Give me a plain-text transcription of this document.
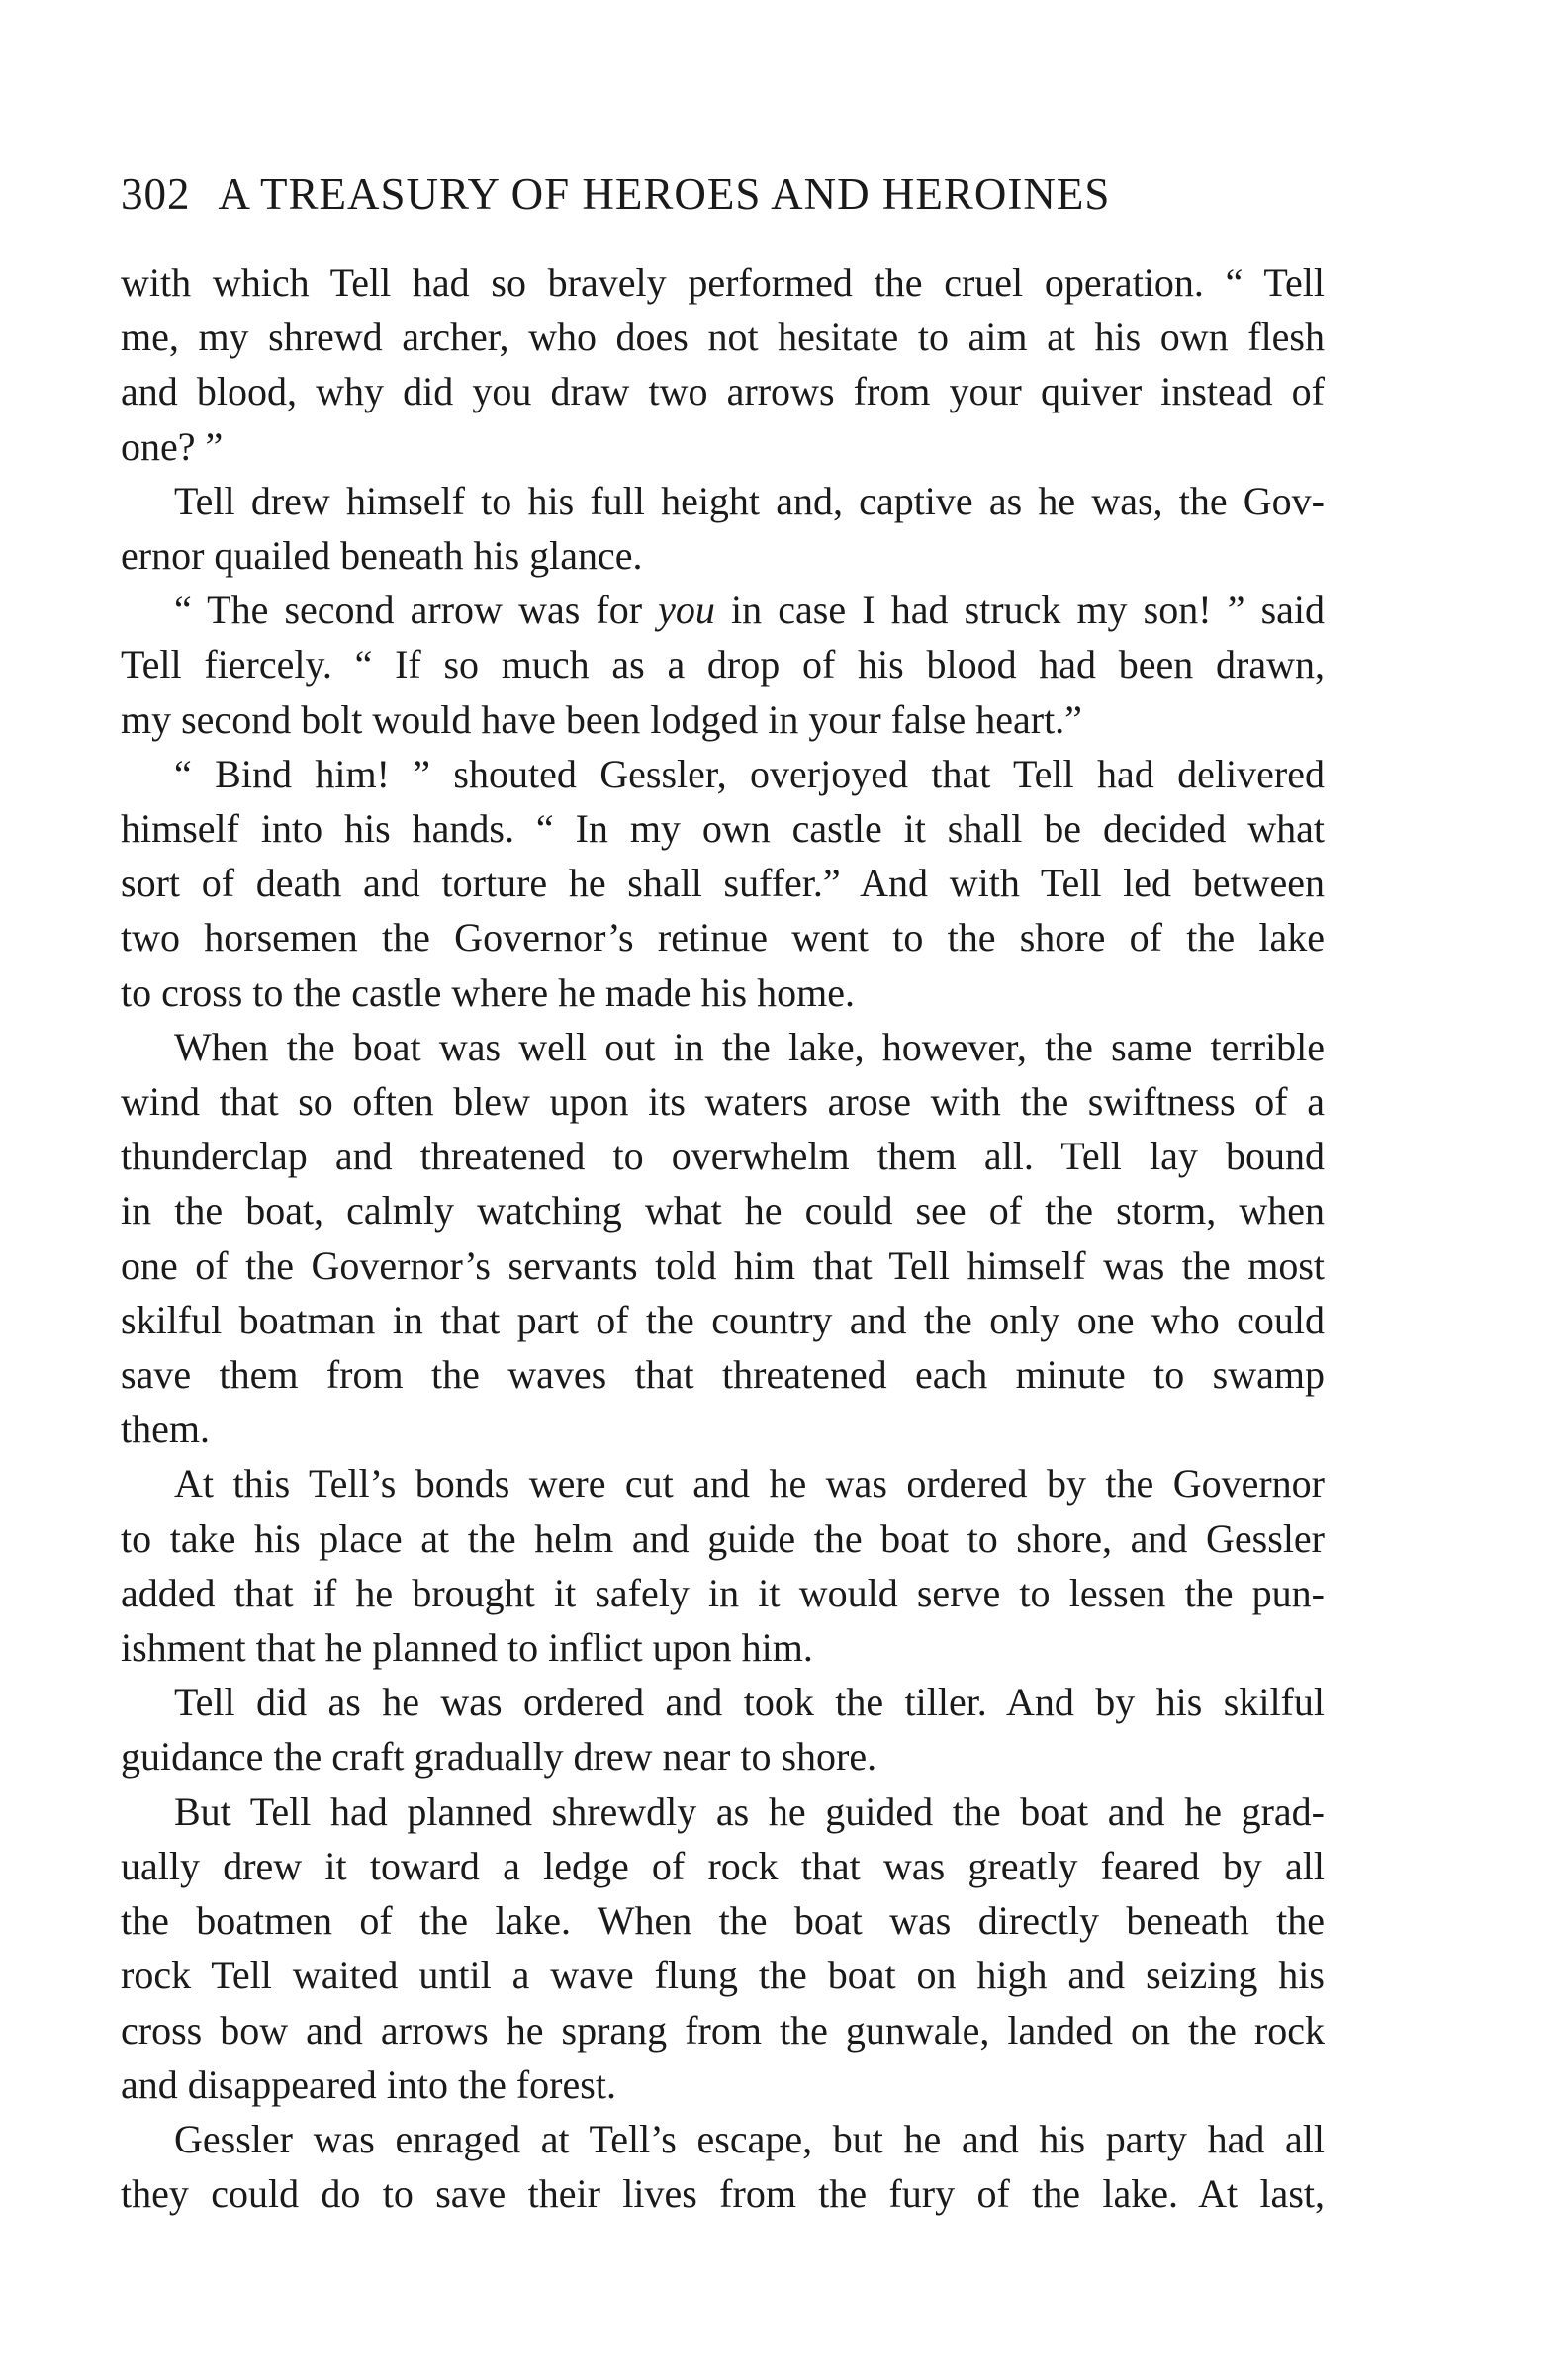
302 A TREASURY OF HEROES AND HEROINES
with which Tell had so bravely performed the cruel operation. “ Tell
me, my shrewd archer, who does not hesitate to aim at his own flesh
and blood, why did you draw two arrows from your quiver instead of
one? ”
Tell drew himself to his full height and, captive as he was, the Gov-
ernor quailed beneath his glance.
“ The second arrow was for you in case I had struck my son! ” said
Tell fiercely. “ If so much as a drop of his blood had been drawn,
my second bolt would have been lodged in your false heart.”
“ Bind him! ” shouted Gessler, overjoyed that Tell had delivered
himself into his hands. “ In my own castle it shall be decided what
sort of death and torture he shall suffer.” And with Tell led between
two horsemen the Governor’s retinue went to the shore of the lake
to cross to the castle where he made his home.
When the boat was well out in the lake, however, the same terrible
wind that so often blew upon its waters arose with the swiftness of a
thunderclap and threatened to overwhelm them all. Tell lay bound
in the boat, calmly watching what he could see of the storm, when
one of the Governor’s servants told him that Tell himself was the most
skilful boatman in that part of the country and the only one who could
save them from the waves that threatened each minute to swamp
them.
At this Tell’s bonds were cut and he was ordered by the Governor
to take his place at the helm and guide the boat to shore, and Gessler
added that if he brought it safely in it would serve to lessen the pun-
ishment that he planned to inflict upon him.
Tell did as he was ordered and took the tiller. And by his skilful
guidance the craft gradually drew near to shore.
But Tell had planned shrewdly as he guided the boat and he grad-
ually drew it toward a ledge of rock that was greatly feared by all
the boatmen of the lake. When the boat was directly beneath the
rock Tell waited until a wave flung the boat on high and seizing his
cross bow and arrows he sprang from the gunwale, landed on the rock
and disappeared into the forest.
Gessler was enraged at Tell’s escape, but he and his party had all
they could do to save their lives from the fury of the lake. At last,
